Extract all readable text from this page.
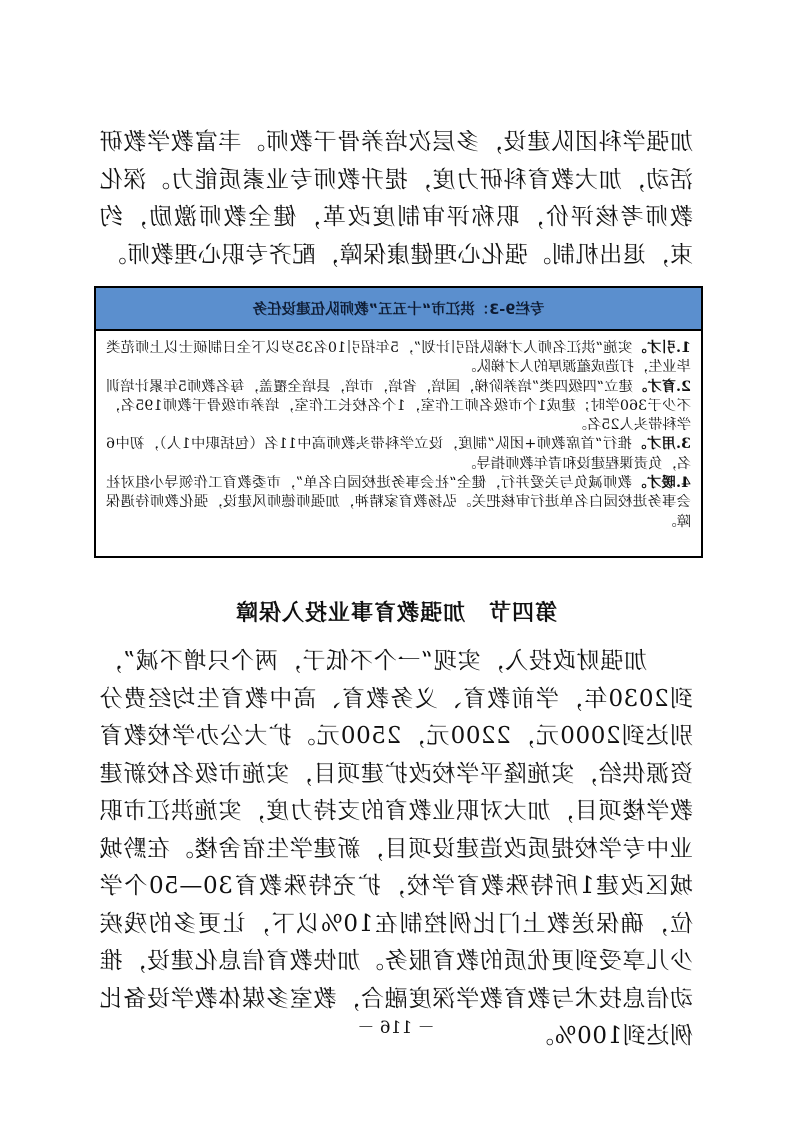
加强学科团队建设，多层次培养骨干教师。丰富教学教研活动，加大教育科研力度，提升教师专业素质能力。深化教师考核评价，职称评审制度改革，健全教师激励，约束，退出机制。强化心理健康保障，配齐专职心理教师。

专栏9-3：洪江市“十五五”教师队伍建设任务

1.引才。实施“洪江名师人才梯队招引计划”，5年招引10名35岁以下全日制硕士以上师范类毕业生，打造成蕴源厚的人才梯队。

2.育才。建立“四级四类”培养阶梯，国培，省培，市培，县培全覆盖，每名教师5年累计培训不少于360学时；建成1个市级名师工作室，1个名校长工作室，培养市级骨干教师195名，学科带头人25名。

3.用才。推行“首席教师+团队”制度，设立学科带头教师高中11名（包括职中1人），初中6名，负责课程建设和青年教师指导。

4.暖才。教师减负与关爱并行，健全“社会事务进校园白名单”，市委教育工作领导小组对社会事务进校园白名单进行审核把关。弘扬教育家精神，加强师德师风建设，强化教师待遇保障。

第四节　加强教育事业投入保障

加强财政投入，实现“一个不低于，两个只增不减”，到2030年，学前教育、义务教育、高中教育生均经费分别达到2000元，2200元，2500元。扩大公办学校教育资源供给，实施隆平学校改扩建项目，实施市级名校新建教学楼项目，加大对职业教育的支持力度，实施洪江市职业中专学校提质改造建设项目，新建学生宿舍楼。在黔城城区改建1所特殊教育学校，扩充特殊教育30—50个学位，确保送教上门比例控制在10%以下，让更多的残疾少儿享受到更优质的教育服务。加快教育信息化建设，推动信息技术与教育教学深度融合，教室多媒体教学设备比例达到100%。

－ 116 －
